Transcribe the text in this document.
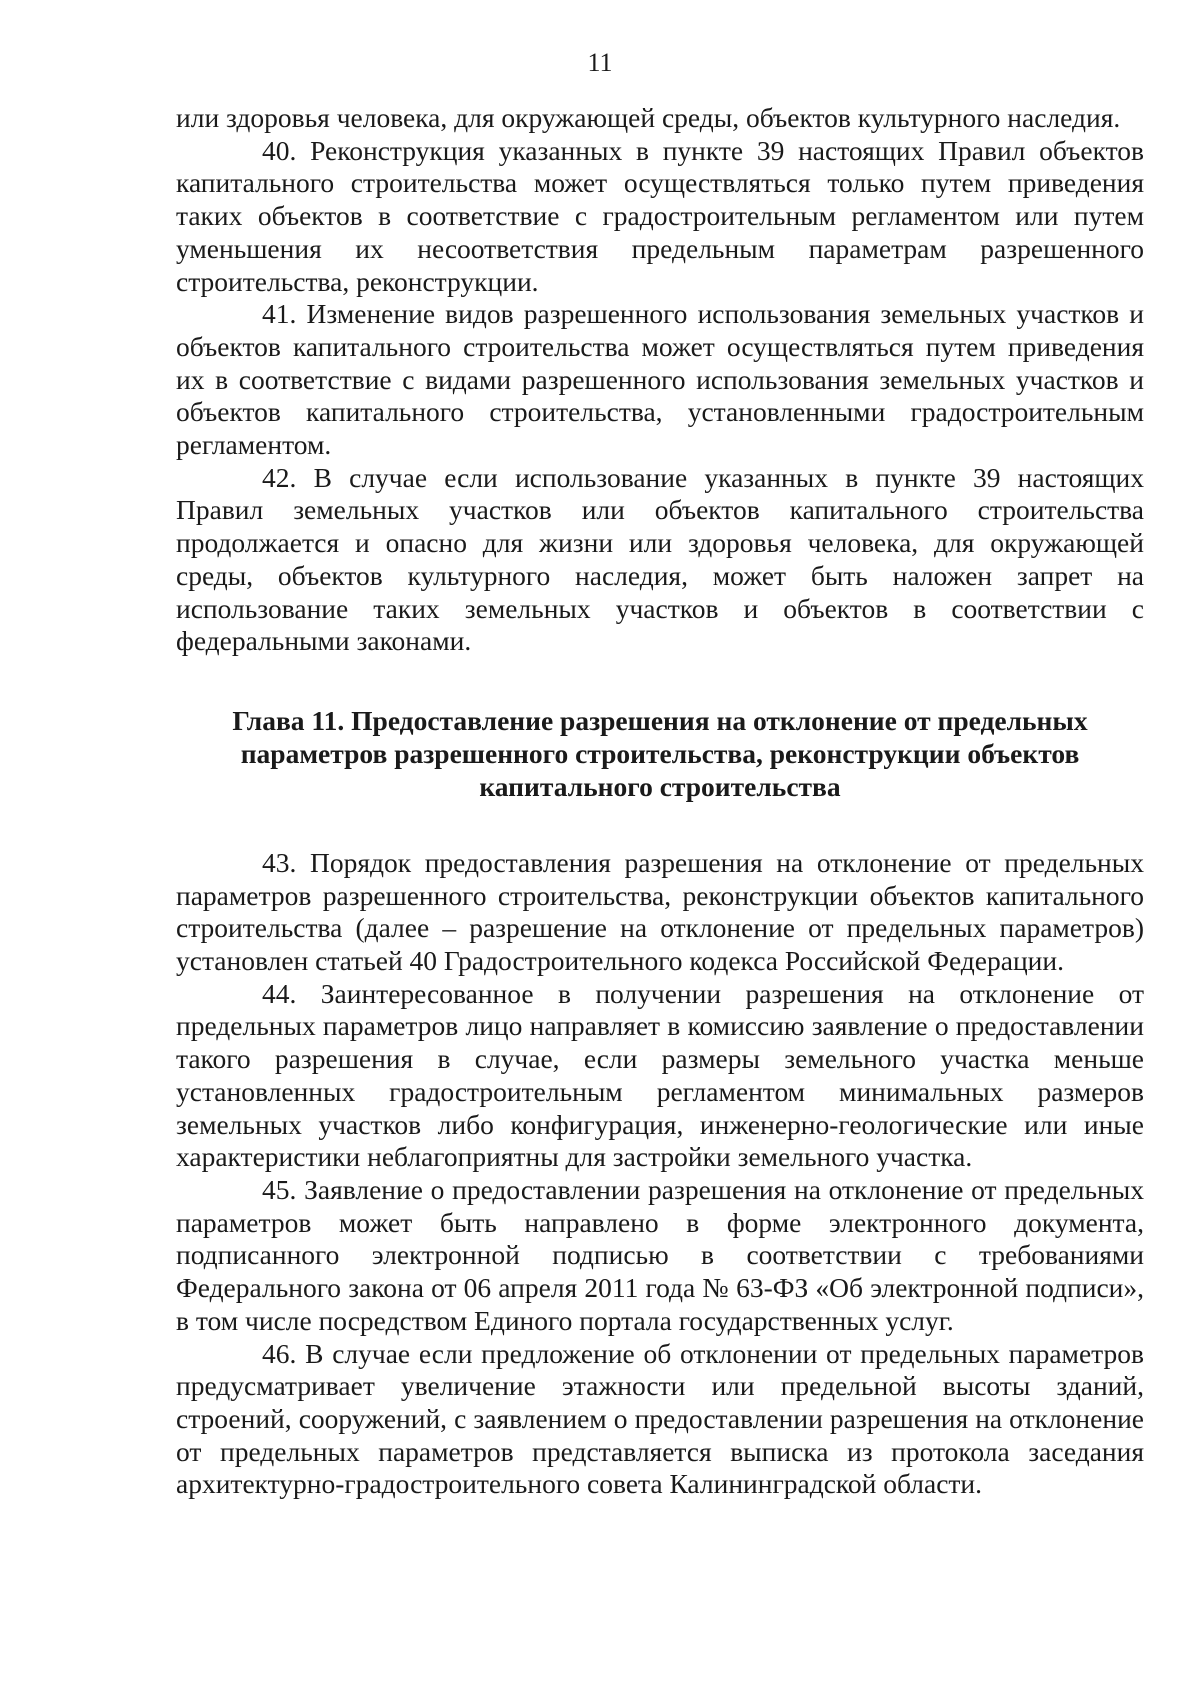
11

или здоровья человека, для окружающей среды, объектов культурного наследия.

40. Реконструкция указанных в пункте 39 настоящих Правил объектов капитального строительства может осуществляться только путем приведения таких объектов в соответствие с градостроительным регламентом или путем уменьшения их несоответствия предельным параметрам разрешенного строительства, реконструкции.

41. Изменение видов разрешенного использования земельных участков и объектов капитального строительства может осуществляться путем приведения их в соответствие с видами разрешенного использования земельных участков и объектов капитального строительства, установленными градостроительным регламентом.

42. В случае если использование указанных в пункте 39 настоящих Правил земельных участков или объектов капитального строительства продолжается и опасно для жизни или здоровья человека, для окружающей среды, объектов культурного наследия, может быть наложен запрет на использование таких земельных участков и объектов в соответствии с федеральными законами.

Глава 11. Предоставление разрешения на отклонение от предельных параметров разрешенного строительства, реконструкции объектов капитального строительства

43. Порядок предоставления разрешения на отклонение от предельных параметров разрешенного строительства, реконструкции объектов капитального строительства (далее – разрешение на отклонение от предельных параметров) установлен статьей 40 Градостроительного кодекса Российской Федерации.

44. Заинтересованное в получении разрешения на отклонение от предельных параметров лицо направляет в комиссию заявление о предоставлении такого разрешения в случае, если размеры земельного участка меньше установленных градостроительным регламентом минимальных размеров земельных участков либо конфигурация, инженерно-геологические или иные характеристики неблагоприятны для застройки земельного участка.

45. Заявление о предоставлении разрешения на отклонение от предельных параметров может быть направлено в форме электронного документа, подписанного электронной подписью в соответствии с требованиями Федерального закона от 06 апреля 2011 года № 63-ФЗ «Об электронной подписи», в том числе посредством Единого портала государственных услуг.

46. В случае если предложение об отклонении от предельных параметров предусматривает увеличение этажности или предельной высоты зданий, строений, сооружений, с заявлением о предоставлении разрешения на отклонение от предельных параметров представляется выписка из протокола заседания архитектурно-градостроительного совета Калининградской области.
